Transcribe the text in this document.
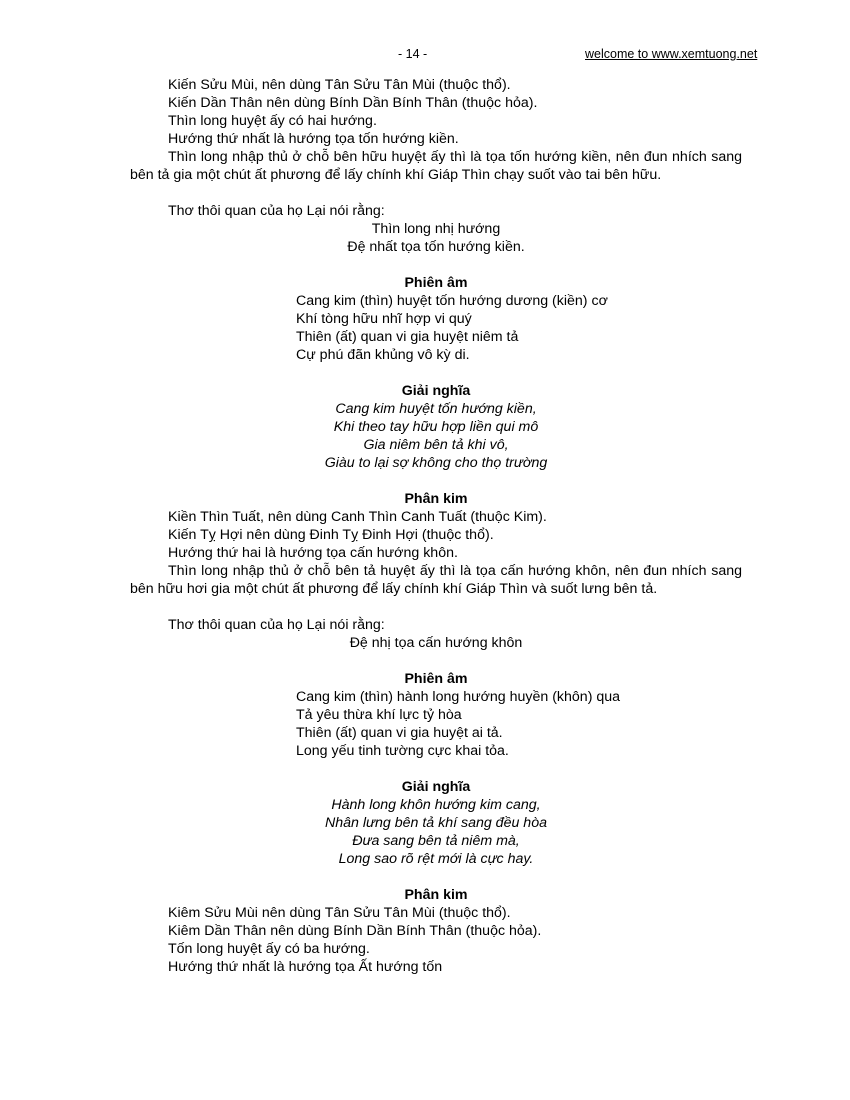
- 14 -	welcome to www.xemtuong.net
Kiến Sửu Mùi, nên dùng Tân Sửu Tân Mùi (thuộc thổ).
Kiến Dần Thân nên dùng Bính Dần Bính Thân (thuộc hỏa).
Thìn long huyệt ấy có hai hướng.
Hướng thứ nhất là hướng tọa tốn hướng kiền.
Thìn long nhập thủ ở chỗ bên hữu huyệt ấy thì là tọa tốn hướng kiền, nên đun nhích sang bên tả gia một chút ất phương để lấy chính khí Giáp Thìn chạy suốt vào tai bên hữu.
Thơ thôi quan của họ Lại nói rằng:
Thìn long nhị hướng
Đệ nhất tọa tốn hướng kiền.
Phiên âm
Cang kim (thìn) huyệt tốn hướng dương (kiền) cơ
Khí tòng hữu nhĩ hợp vi quý
Thiên (ất) quan vi gia huyệt niêm tả
Cự phú đãn khủng vô kỳ di.
Giải nghĩa
Cang kim huyệt tốn hướng kiền,
Khi theo tay hữu hợp liền qui mô
Gia niêm bên tả khi vô,
Giàu to lại sợ không cho thọ trường
Phân kim
Kiền Thìn Tuất, nên dùng Canh Thìn Canh Tuất (thuộc Kim).
Kiến Tỵ Hợi nên dùng Đinh Tỵ Đinh Hợi (thuộc thổ).
Hướng thứ hai là hướng tọa cấn hướng khôn.
Thìn long nhập thủ ở chỗ bên tả huyệt ấy thì là tọa cấn hướng khôn, nên đun nhích sang bên hữu hơi gia một chút ất phương để lấy chính khí Giáp Thìn và suốt lưng bên tả.
Thơ thôi quan của họ Lại nói rằng:
Đệ nhị tọa cấn hướng khôn
Phiên âm
Cang kim (thìn) hành long hướng huyền (khôn) qua
Tả yêu thừa khí lực tỷ hòa
Thiên (ất) quan vi gia huyệt ai tả.
Long yếu tinh tường cực khai tỏa.
Giải nghĩa
Hành long khôn hướng kim cang,
Nhân lưng bên tả khí sang đều hòa
Đưa sang bên tả niêm mà,
Long sao rõ rệt mới là cực hay.
Phân kim
Kiêm Sửu Mùi nên dùng Tân Sửu Tân Mùi (thuộc thổ).
Kiêm Dần Thân nên dùng Bính Dần Bính Thân (thuộc hỏa).
Tốn long huyệt ấy có ba hướng.
Hướng thứ nhất là hướng tọa Ất hướng tốn
